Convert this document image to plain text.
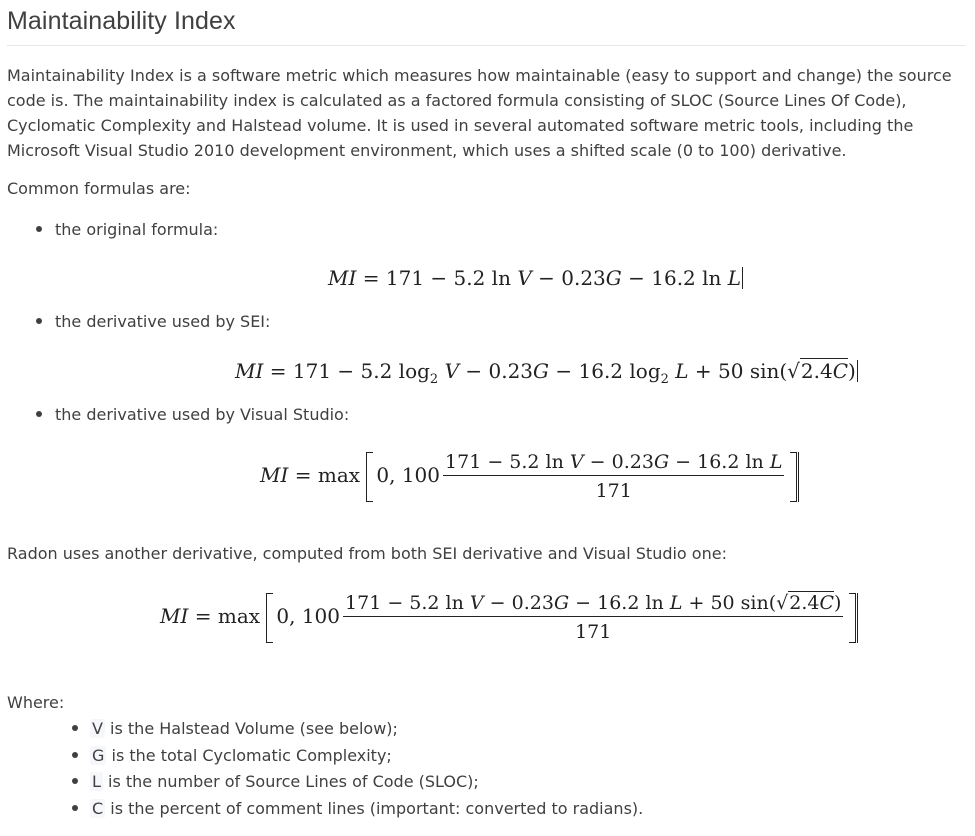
Maintainability Index

Maintainability Index is a software metric which measures how maintainable (easy to support and change) the source code is. The maintainability index is calculated as a factored formula consisting of SLOC (Source Lines Of Code), Cyclomatic Complexity and Halstead volume. It is used in several automated software metric tools, including the Microsoft Visual Studio 2010 development environment, which uses a shifted scale (0 to 100) derivative.

Common formulas are:

the original formula:
MI = 171 − 5.2 ln V − 0.23G − 16.2 ln L
the derivative used by SEI:
MI = 171 − 5.2 $\log_2 V - 0.23G - 16.2$ $\log_2 L + 50$ sin(√2.4C)
the derivative used by Visual Studio:
MI = max 0, $100 \frac{\text{171 − 5.2 ln V − 0.23G − 16.2 ln L}}{171}$

Radon uses another derivative, computed from both SEI derivative and Visual Studio one:

MI = max 0, $100 \frac{\text{171 − 5.2 ln V − 0.23G − 16.2 ln L + 50 sin(√2.4C)}}{171}$

Where:

V is the Halstead Volume (see below);
G is the total Cyclomatic Complexity;
L is the number of Source Lines of Code (SLOC);
C is the percent of comment lines (important: converted to radians).
